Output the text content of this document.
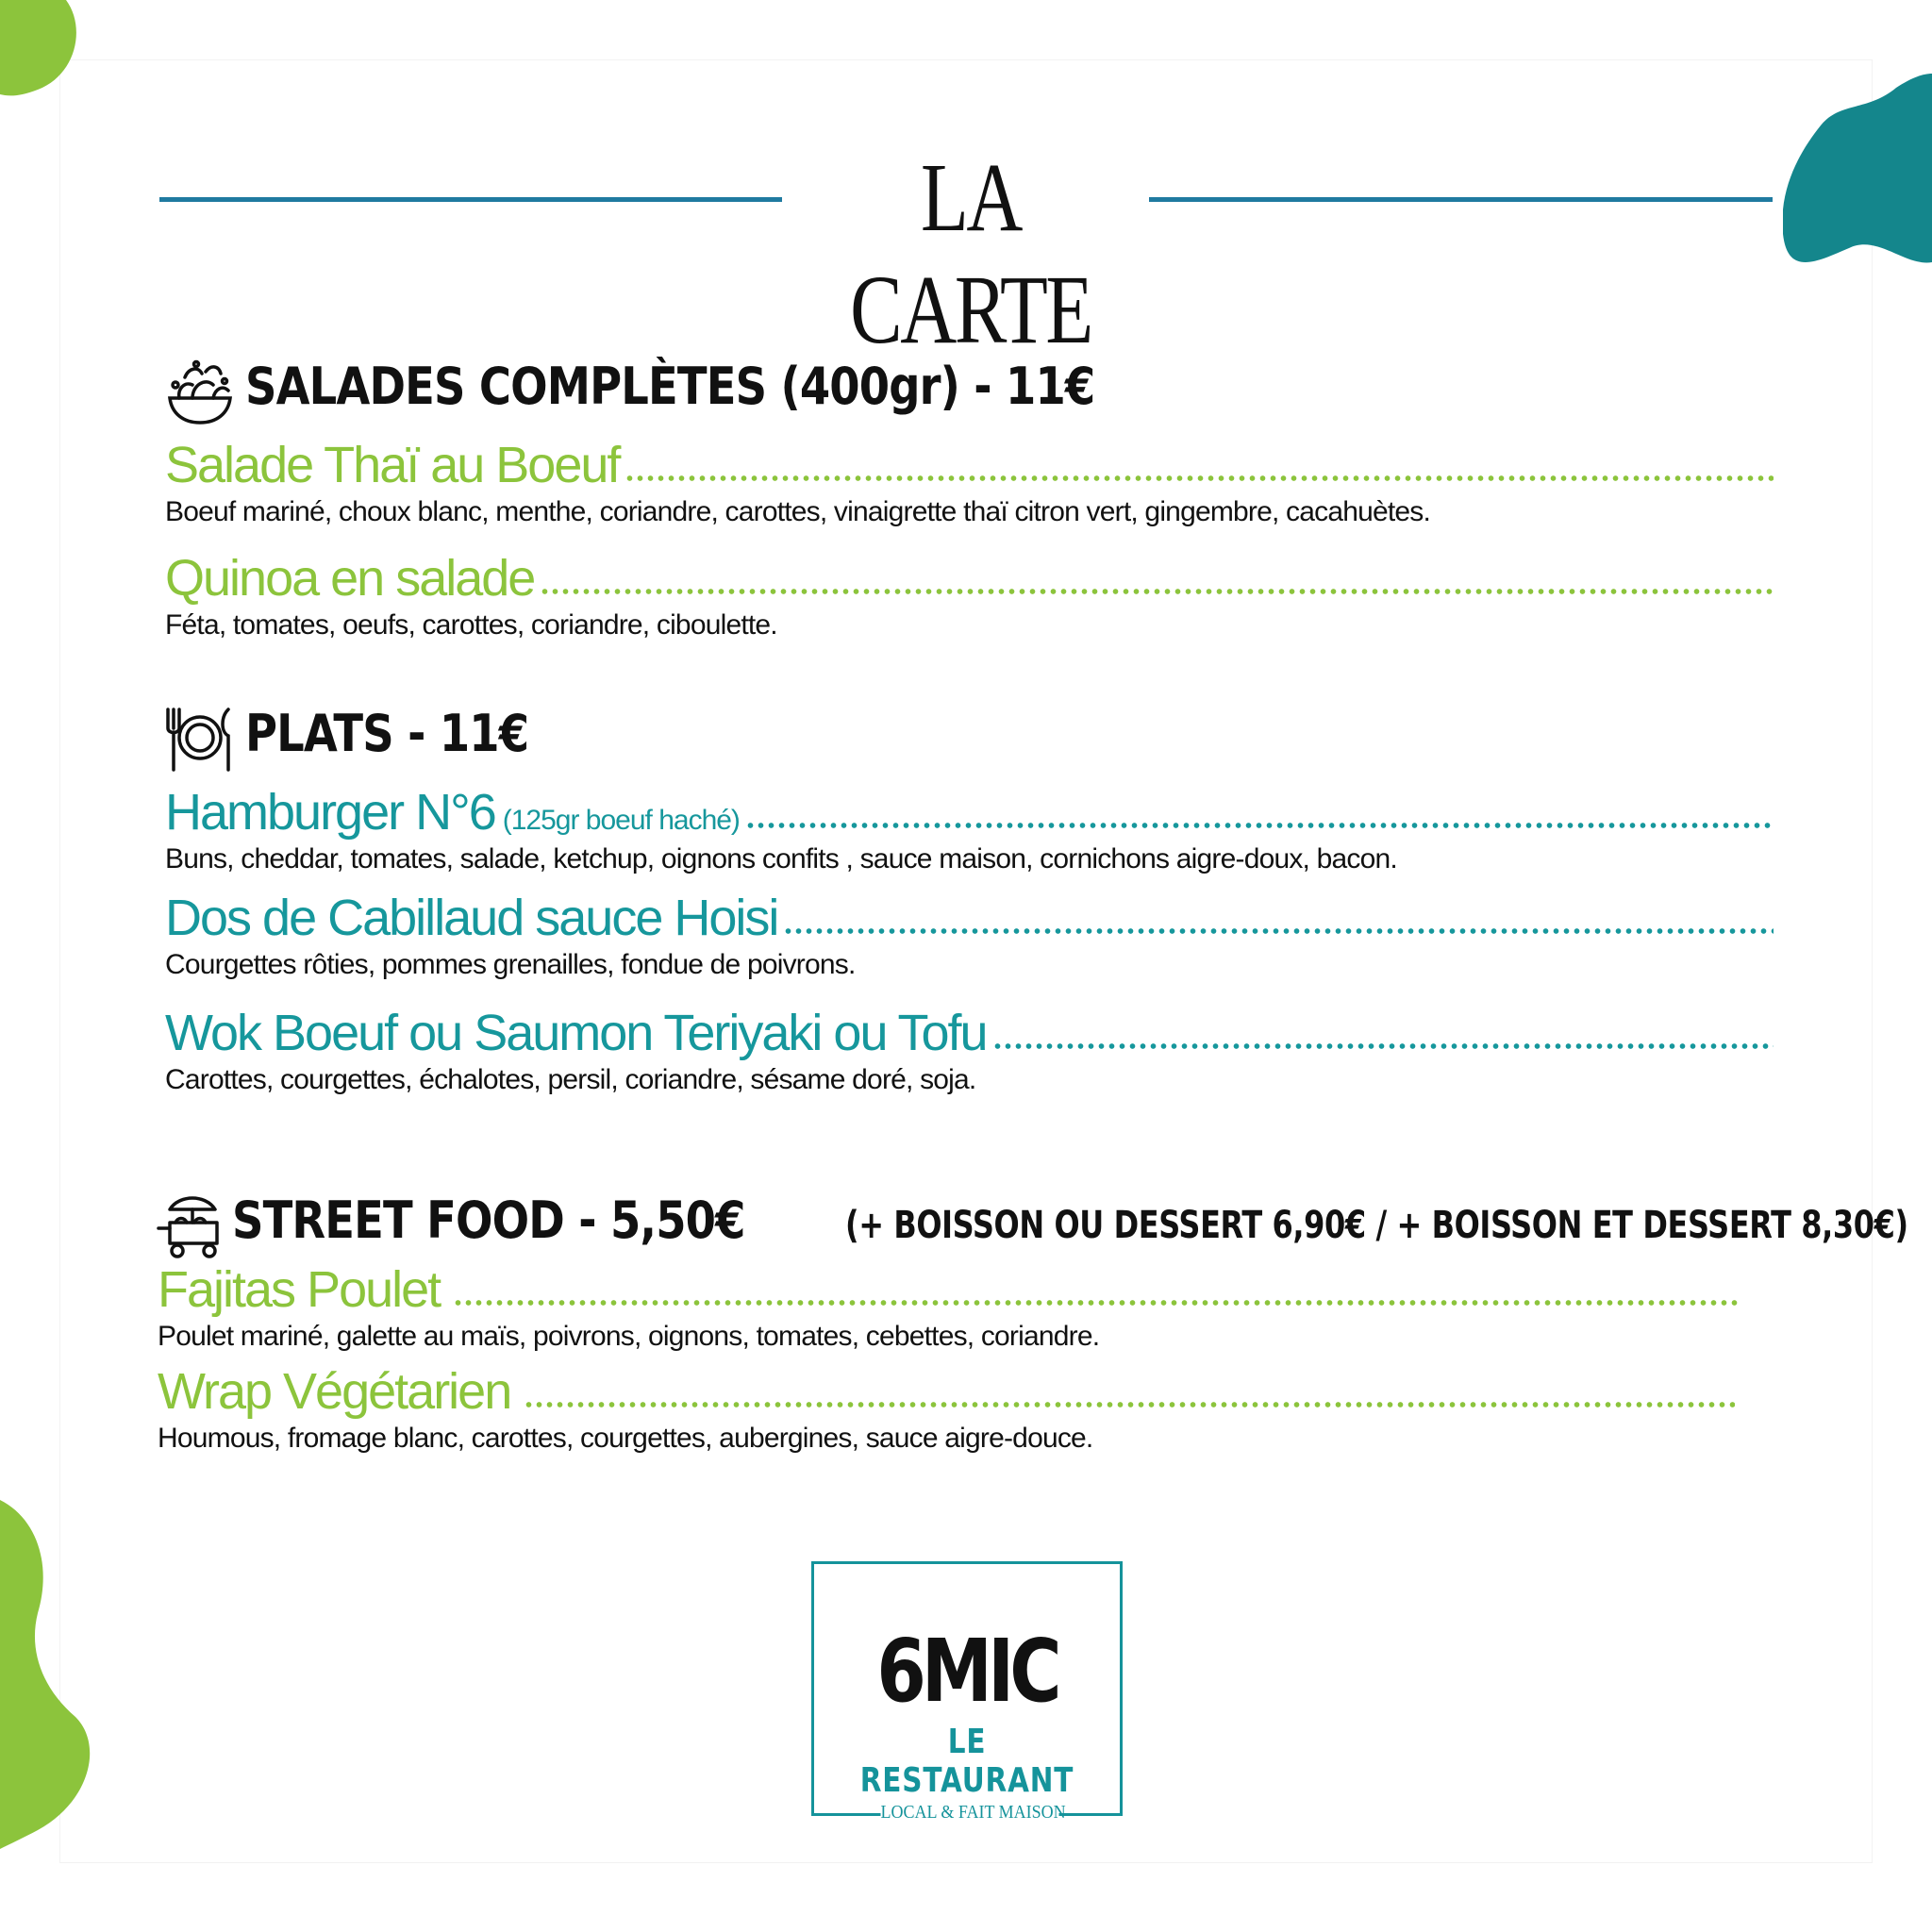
LA CARTE
SALADES COMPLÈTES (400gr) - 11€
Salade Thaï au Boeuf
Boeuf mariné, choux blanc, menthe, coriandre, carottes, vinaigrette thaï citron vert, gingembre, cacahuètes.
Quinoa en salade
Féta, tomates, oeufs, carottes, coriandre, ciboulette.
PLATS - 11€
Hamburger N°6 (125gr boeuf haché)
Buns, cheddar, tomates, salade, ketchup, oignons confits , sauce maison, cornichons aigre-doux, bacon.
Dos de Cabillaud sauce Hoisi
Courgettes rôties, pommes grenailles, fondue de poivrons.
Wok Boeuf ou Saumon Teriyaki ou Tofu
Carottes, courgettes, échalotes, persil, coriandre, sésame doré, soja.
STREET FOOD - 5,50€	(+ BOISSON OU DESSERT 6,90€ / + BOISSON ET DESSERT 8,30€)
Fajitas Poulet
Poulet mariné, galette au maïs, poivrons, oignons, tomates, cebettes, coriandre.
Wrap Végétarien
Houmous, fromage blanc, carottes, courgettes, aubergines, sauce aigre-douce.
6MIC
LE RESTAURANT
LOCAL & FAIT MAISON
